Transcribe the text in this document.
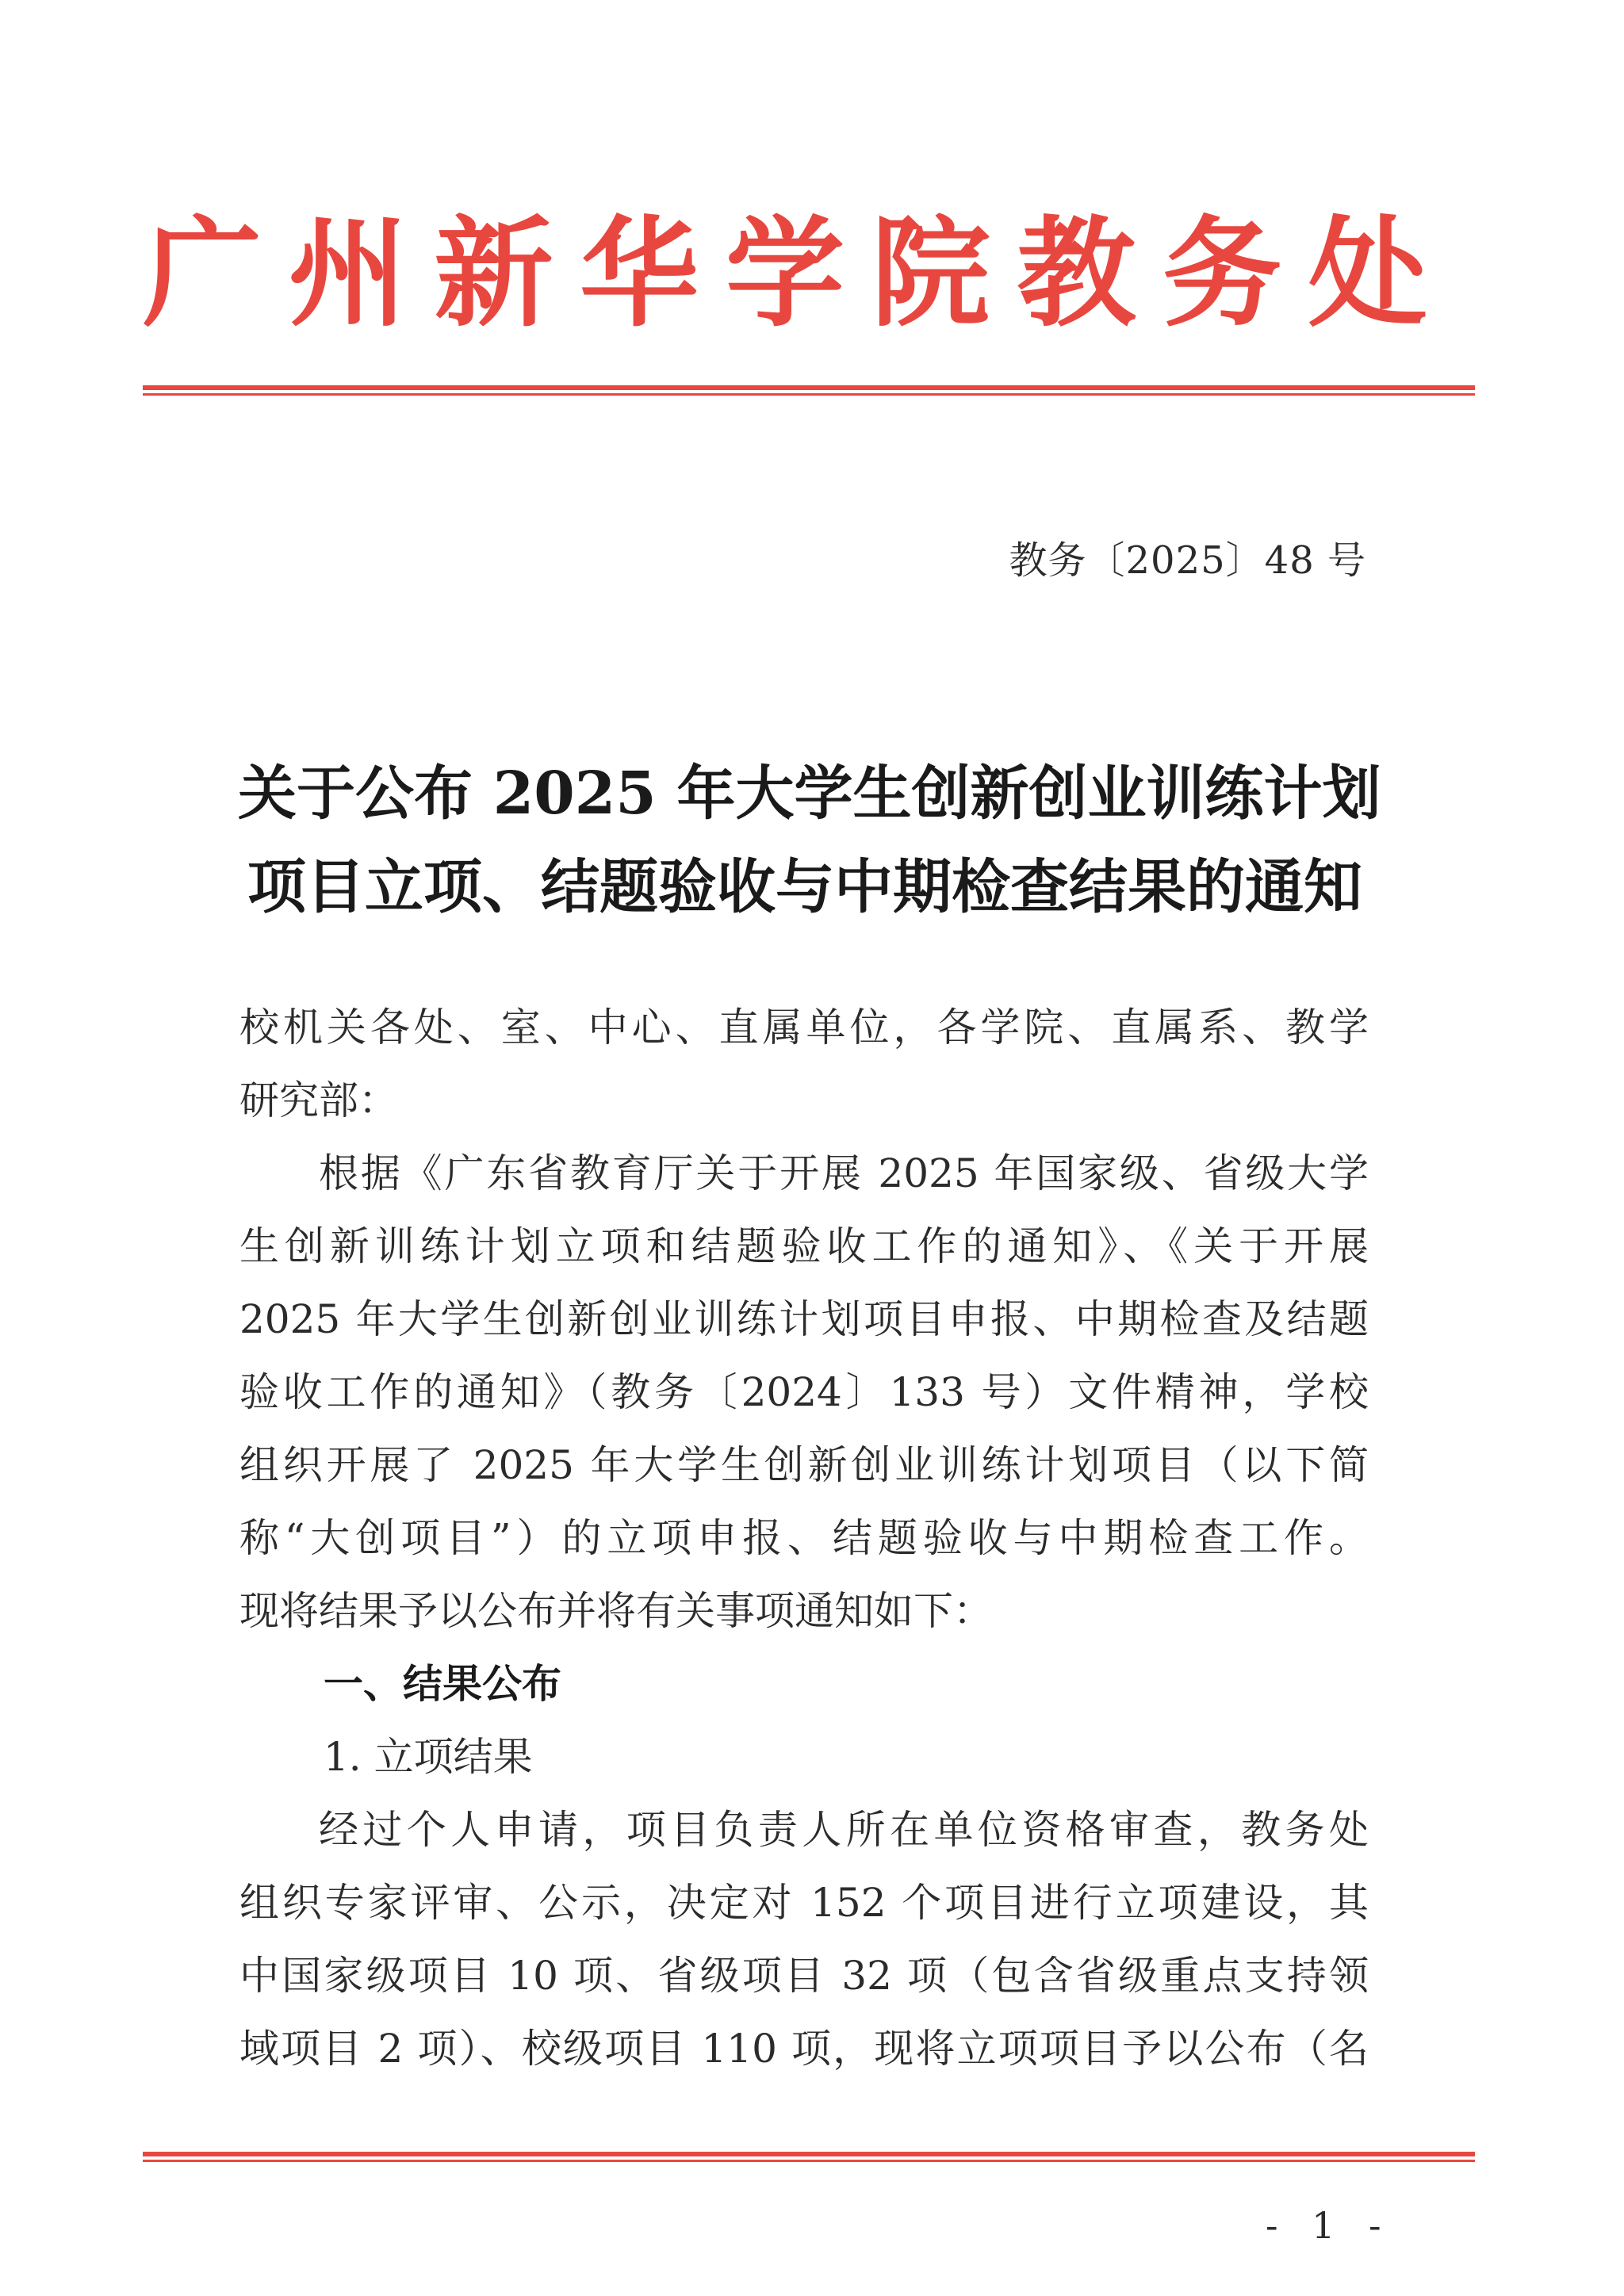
广 州 新 华 学 院 教 务 处
教务〔2025〕48 号
关于公布 2025 年大学生创新创业训练计划
项目立项、结题验收与中期检查结果的通知
校机关各处、室、中心、直属单位，各学院、直属系、教学
研究部：
根据《广东省教育厅关于开展 2025 年国家级、省级大学
生创新训练计划立项和结题验收工作的通知》、《关于开展
2025 年大学生创新创业训练计划项目申报、中期检查及结题
验收工作的通知》（教务〔2024〕133 号）文件精神，学校
组织开展了 2025 年大学生创新创业训练计划项目（以下简
称“大创项目”）的立项申报、结题验收与中期检查工作。
现将结果予以公布并将有关事项通知如下：
一、结果公布
1. 立项结果
经过个人申请，项目负责人所在单位资格审查，教务处
组织专家评审、公示，决定对 152 个项目进行立项建设，其
中国家级项目 10 项、省级项目 32 项（包含省级重点支持领
域项目 2 项）、校级项目 110 项，现将立项项目予以公布（名
- 1 -
